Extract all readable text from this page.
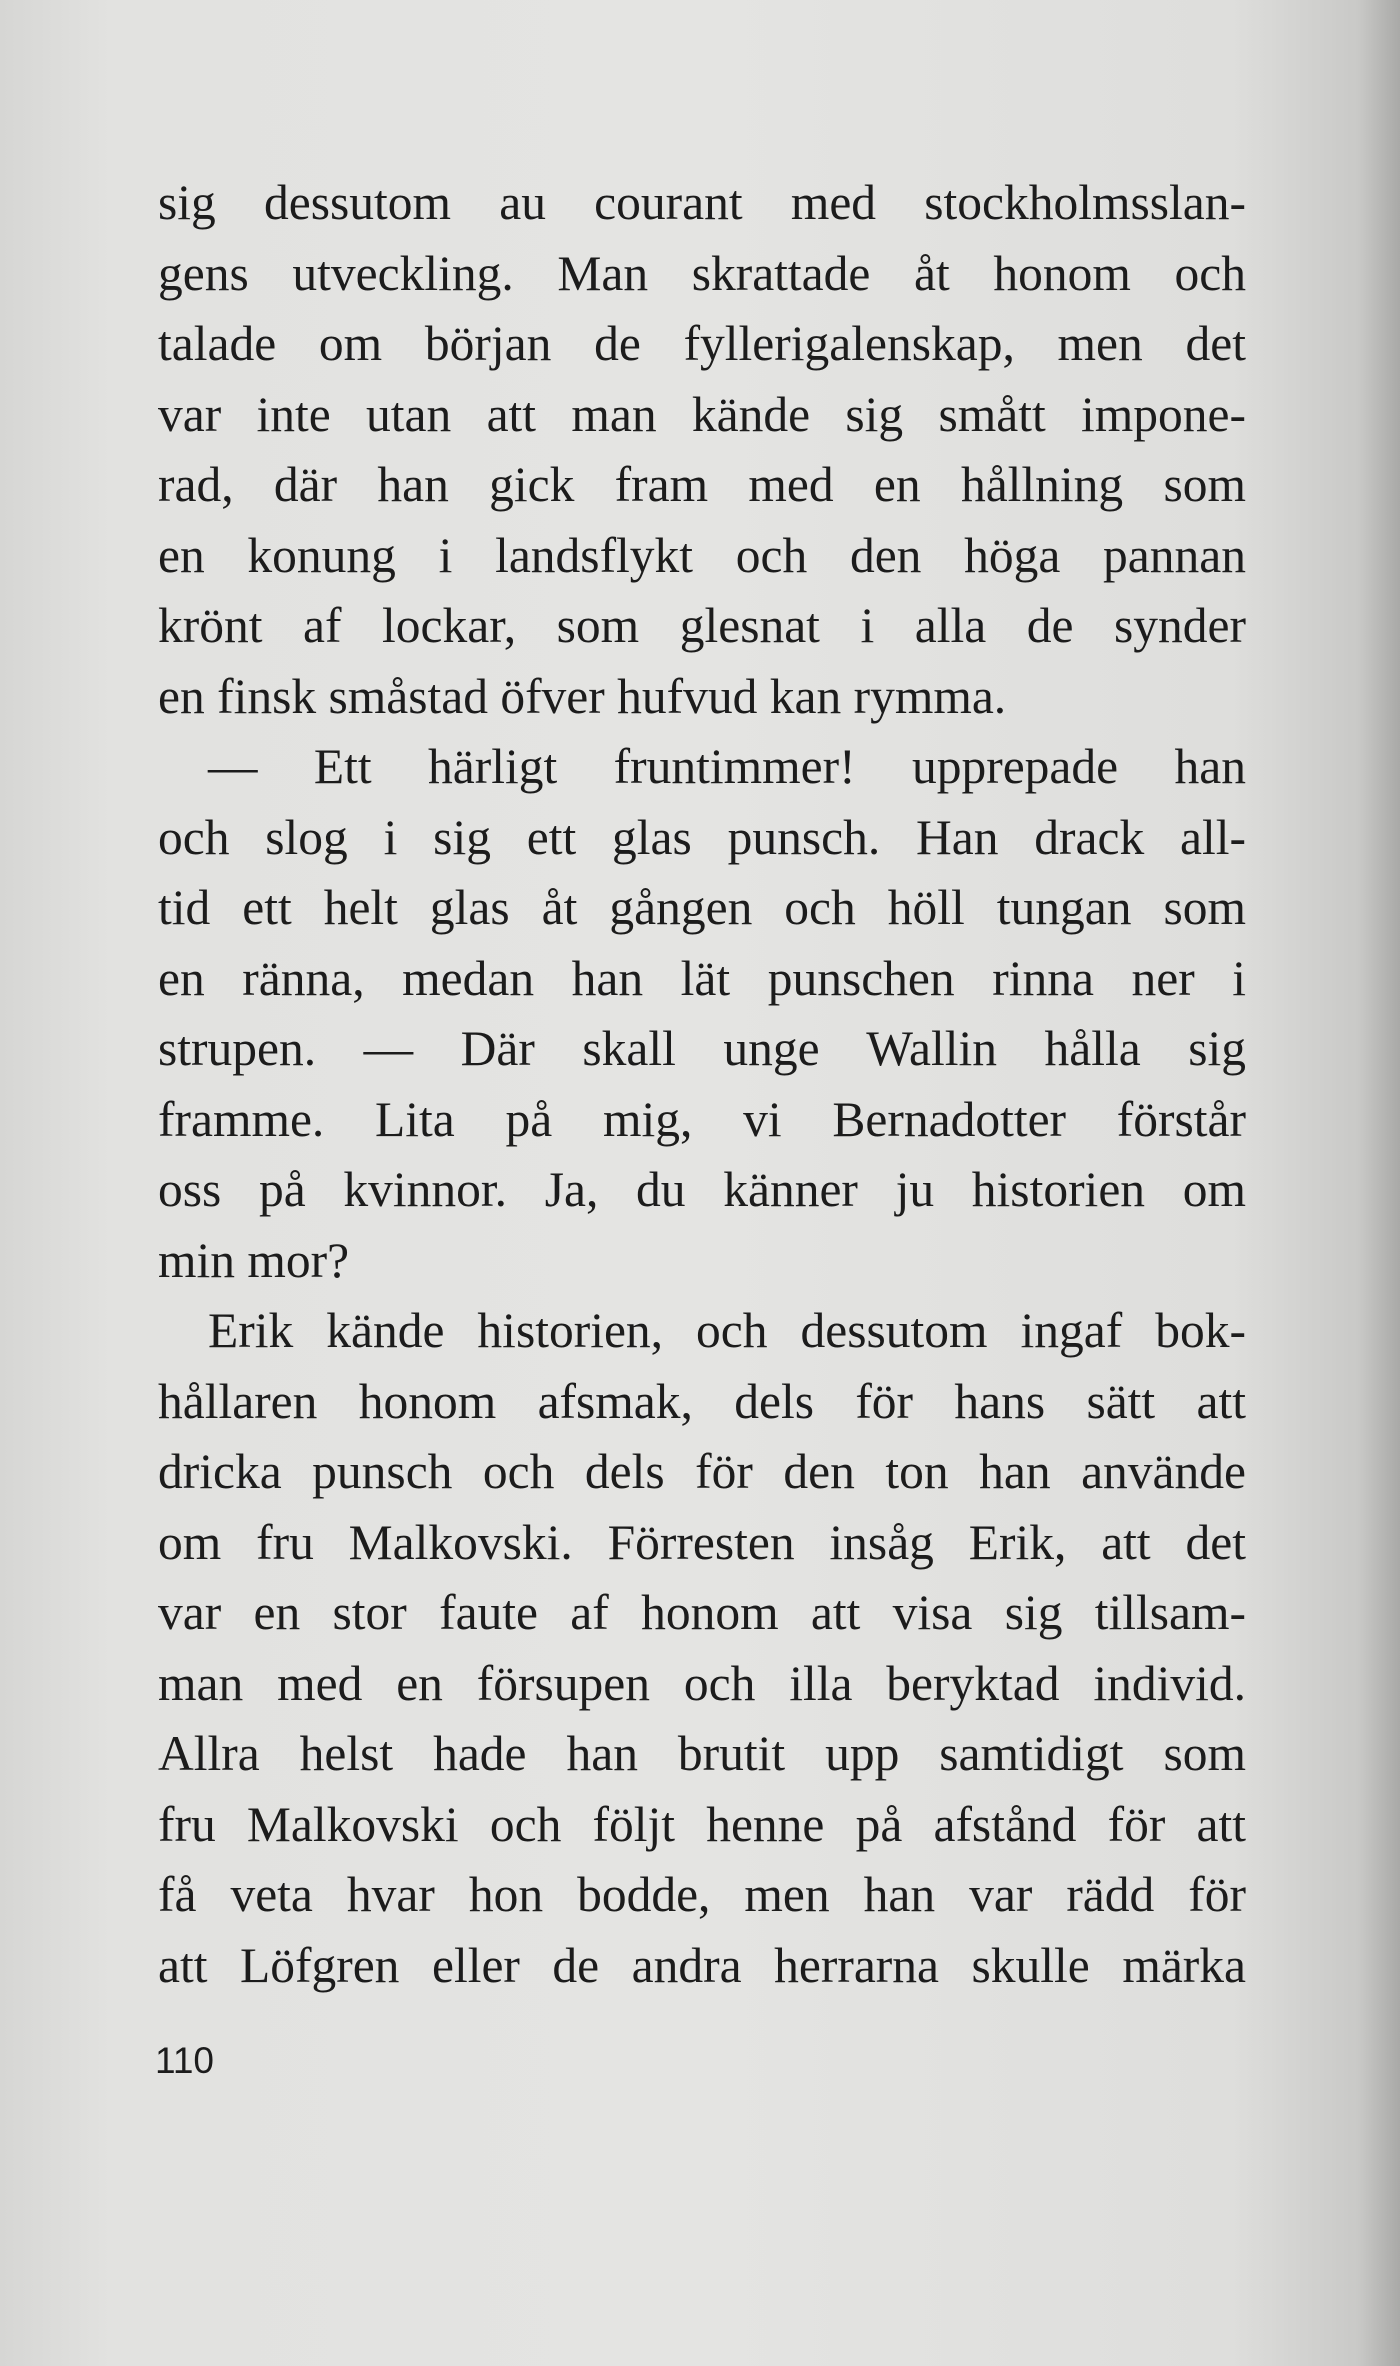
sig dessutom au courant med stockholmsslan-
gens utveckling. Man skrattade åt honom och
talade om början de fyllerigalenskap, men det
var inte utan att man kände sig smått impone-
rad, där han gick fram med en hållning som
en konung i landsflykt och den höga pannan
krönt af lockar, som glesnat i alla de synder
en finsk småstad öfver hufvud kan rymma.
— Ett härligt fruntimmer! upprepade han
och slog i sig ett glas punsch. Han drack all-
tid ett helt glas åt gången och höll tungan som
en ränna, medan han lät punschen rinna ner i
strupen. — Där skall unge Wallin hålla sig
framme. Lita på mig, vi Bernadotter förstår
oss på kvinnor. Ja, du känner ju historien om
min mor?
Erik kände historien, och dessutom ingaf bok-
hållaren honom afsmak, dels för hans sätt att
dricka punsch och dels för den ton han använde
om fru Malkovski. Förresten insåg Erik, att det
var en stor faute af honom att visa sig tillsam-
man med en försupen och illa beryktad individ.
Allra helst hade han brutit upp samtidigt som
fru Malkovski och följt henne på afstånd för att
få veta hvar hon bodde, men han var rädd för
att Löfgren eller de andra herrarna skulle märka
110
